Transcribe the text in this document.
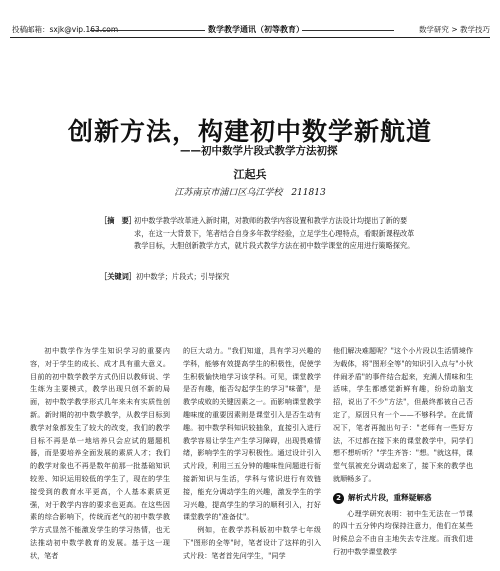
投稿邮箱：sxjk@vip.163.com	数学教学通讯（初等教育）	数学研究 > 教学技巧
创新方法，构建初中数学新航道
——初中数学片段式教学方法初探
江起兵
江苏南京市浦口区乌江学校　211813
［摘　要］
初中数学教学改革进入新时期，对教师的教学内容设置和教学方法设计均提出了新的要求，在这一大背景下，笔者结合自身多年教学经验，立足学生心理特点，看眼新课程改革教学目标，大胆创新教学方式，就片段式教学方法在初中数学课堂的应用进行策略探究。
［关键词］初中数学；片段式；引导探究

初中数学作为学生知识学习的重要内容，对于学生的成长、成才具有重大意义。目前的初中数学教学方式仍旧以教师说、学生练为主要模式，教学出现只创不新的局面，初中数学教学形式几年来未有实质性创新。新时期的初中数学教学，从教学目标到教学对象都发生了较大的改变，我们的教学目标不再是单一地培养只会应试的题题机器，而是要培养全面发展的素质人才；我们的教学对象也不再是数年前那一批基础知识较差、知识运用较低的学生了，现在的学生接受到的教育水平更高，个人基本素质更强，对于教学内容的要求也更高。在这些因素的综合影响下，传统而老气的初中数学教学方式显然不能激发学生的学习热情，也无法推动初中数学教育的发展。基于这一现状，笔者

的巨大动力。"我们知道，具有学习兴趣的学科，能够有效提高学生的积极性，促使学生积极愉快地学习该学科。可见，课堂教学是否有趣，能否勾起学生的学习"味蕾"，是教学成败的关键因素之一。而影响课堂教学趣味度的重要因素则是课堂引入是否生动有趣。初中数学科知识较抽象，直接引入进行教学容易让学生产生学习障碍，出现畏难情绪，影响学生的学习积极性。通过设计引入式片段，利用三五分钟的趣味性问题进行衔接新知识与生活，学科与常识进行有效链接，能充分调动学生的兴趣，激发学生的学习兴趣，提高学生的学习的顺利引入，打好课堂教学的"准备仗"。

例如，在教学苏科版初中数学七年级下"图形的全等"时，笔者设计了这样的引入式片段：笔者首先问学生，"同学

他们解决难题呢？"这个小片段以生活情境作为载体，将"图形全等"的知识引入点与"小伙伴闹矛盾"的事件结合起来，充满人情味和生活味，学生都感觉新鲜有趣，纷纷动脑支招，说出了不少"方法"，但最终都被自己否定了，原因只有一个——不够科学。在此情况下，笔者再抛出句子："老师有一些好方法，不过都在接下来的课堂教学中，同学们想不想听听？"学生齐答："想。"就这样，课堂气氛被充分调动起来了，接下来的教学也就顺畅多了。

2 解析式片段，重释疑解惑

心理学研究表明：初中生无法在一节课的四十五分钟内均保持注意力，他们在某些时候总会不由自主地失去专注度。而我们进行初中数学课堂教学
